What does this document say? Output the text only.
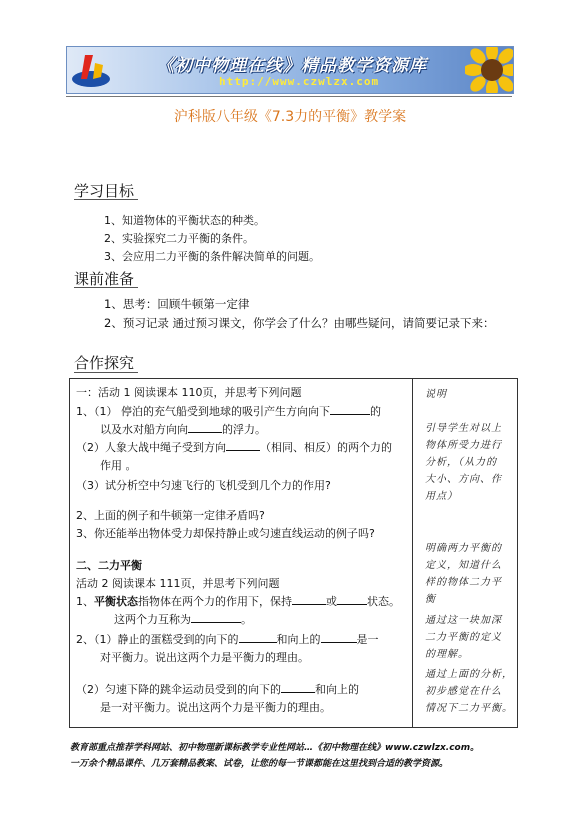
《初中物理在线》精品教学资源库
http://www.czwlzx.com
沪科版八年级《7.3力的平衡》教学案
学习目标
1、知道物体的平衡状态的种类。
2、实验探究二力平衡的条件。
3、会应用二力平衡的条件解决简单的问题。
课前准备
1、思考：回顾牛顿第一定律
2、预习记录 通过预习课文，你学会了什么？由哪些疑问，请简要记录下来：
合作探究
一：活动 1 阅读课本 110页，并思考下列问题
1、（1） 停泊的充气船受到地球的吸引产生方向向下	的
以及水对船方向向	的浮力。
（2）人象大战中绳子受到方向	（相同、相反）的两个力的
作用 。
（3）试分析空中匀速飞行的飞机受到几个力的作用?
2、上面的例子和牛顿第一定律矛盾吗?
3、你还能举出物体受力却保持静止或匀速直线运动的例子吗?
二、二力平衡
活动 2 阅读课本 111页，并思考下列问题
1、平衡状态指物体在两个力的作用下，保持	或	状态。
这两个力互称为	。
2、（1）静止的蛋糕受到的向下的	和向上的	是一
对平衡力。说出这两个力是平衡力的理由。
（2）匀速下降的跳伞运动员受到的向下的	和向上的
是一对平衡力。说出这两个力是平衡力的理由。

说明
引导学生对以上
物体所受力进行
分析，（从力的
大小、方向、作
用点）
明确两力平衡的
定义，知道什么
样的物体二力平
衡
通过这一块加深
二力平衡的定义
的理解。
通过上面的分析，
初步感觉在什么
情况下二力平衡。
教育部重点推荐学科网站、初中物理新课标教学专业性网站…《初中物理在线》www.czwlzx.com。
一万余个精品课件、几万套精品教案、试卷，让您的每一节课都能在这里找到合适的教学资源。
